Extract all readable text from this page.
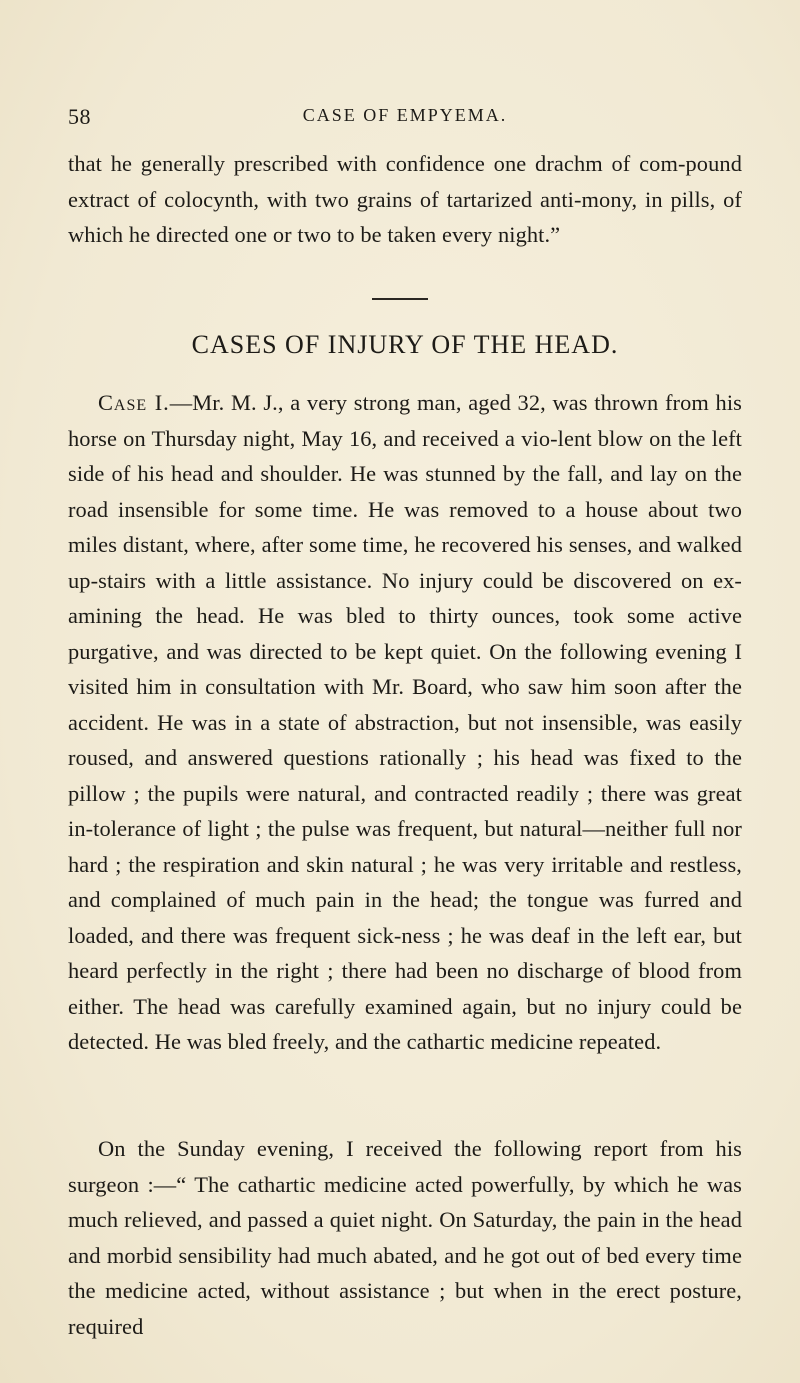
58	CASE OF EMPYEMA.

that he generally prescribed with confidence one drachm of com-pound extract of colocynth, with two grains of tartarized anti-mony, in pills, of which he directed one or two to be taken every night.”

CASES OF INJURY OF THE HEAD.

Case I.—Mr. M. J., a very strong man, aged 32, was thrown from his horse on Thursday night, May 16, and received a vio-lent blow on the left side of his head and shoulder. He was stunned by the fall, and lay on the road insensible for some time. He was removed to a house about two miles distant, where, after some time, he recovered his senses, and walked up-stairs with a little assistance. No injury could be discovered on ex-amining the head. He was bled to thirty ounces, took some active purgative, and was directed to be kept quiet. On the following evening I visited him in consultation with Mr. Board, who saw him soon after the accident. He was in a state of abstraction, but not insensible, was easily roused, and answered questions rationally ; his head was fixed to the pillow ; the pupils were natural, and contracted readily ; there was great in-tolerance of light ; the pulse was frequent, but natural—neither full nor hard ; the respiration and skin natural ; he was very irritable and restless, and complained of much pain in the head; the tongue was furred and loaded, and there was frequent sick-ness ; he was deaf in the left ear, but heard perfectly in the right ; there had been no discharge of blood from either. The head was carefully examined again, but no injury could be detected. He was bled freely, and the cathartic medicine repeated.

On the Sunday evening, I received the following report from his surgeon :—“ The cathartic medicine acted powerfully, by which he was much relieved, and passed a quiet night. On Saturday, the pain in the head and morbid sensibility had much abated, and he got out of bed every time the medicine acted, without assistance ; but when in the erect posture, required
